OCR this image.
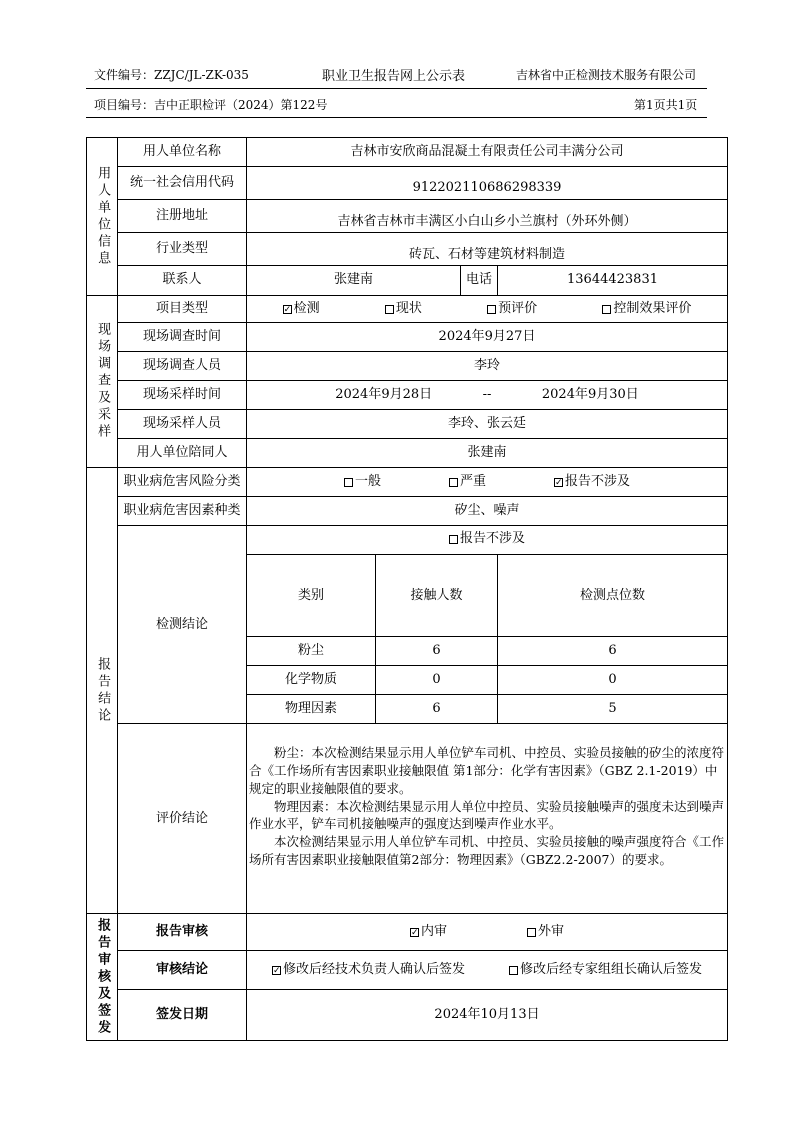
文件编号：ZZJC/JL-ZK-035	职业卫生报告网上公示表	吉林省中正检测技术服务有限公司
项目编号：吉中正职检评（2024）第122号	第1页共1页
用人单位信息	用人单位名称	吉林市安欣商品混凝土有限责任公司丰满分公司				
	统一社会信用代码	912202110686298339				
	注册地址	吉林省吉林市丰满区小白山乡小兰旗村（外环外侧）				
	行业类型	砖瓦、石材等建筑材料制造				
	联系人	张建南		电话	13644423831	
现场调查及采样	项目类型	✓ 检测 现状 预评价 控制效果评价				

	现场调查时间	2024年9月27日				
	现场调查人员	李玲				
	现场采样时间	2024年9月28日 -- 2024年9月30日				

	现场采样人员	李玲、张云廷				
	用人单位陪同人	张建南				
报告结论	职业病危害风险分类	一般 严重 ✓ 报告不涉及				

	职业病危害因素种类	矽尘、噪声				
	检测结论	报告不涉及				

		类别	接触人数		检测点位数	
		粉尘	6		6	
		化学物质	0		0	
		物理因素	6		5	
	评价结论	粉尘：本次检测结果显示用人单位铲车司机、中控员、实验员接触的矽尘的浓度符合《工作场所有害因素职业接触限值 第1部分：化学有害因素》（GBZ 2.1-2019）中规定的职业接触限值的要求。

物理因素：本次检测结果显示用人单位中控员、实验员接触噪声的强度未达到噪声作业水平，铲车司机接触噪声的强度达到噪声作业水平。

本次检测结果显示用人单位铲车司机、中控员、实验员接触的噪声强度符合《工作场所有害因素职业接触限值第2部分：物理因素》（GBZ2.2-2007）的要求。				

报告审核及签发	报告审核	✓ 内审 外审				

	审核结论	✓ 修改后经技术负责人确认后签发 修改后经专家组组长确认后签发				

	签发日期	2024年10月13日				
